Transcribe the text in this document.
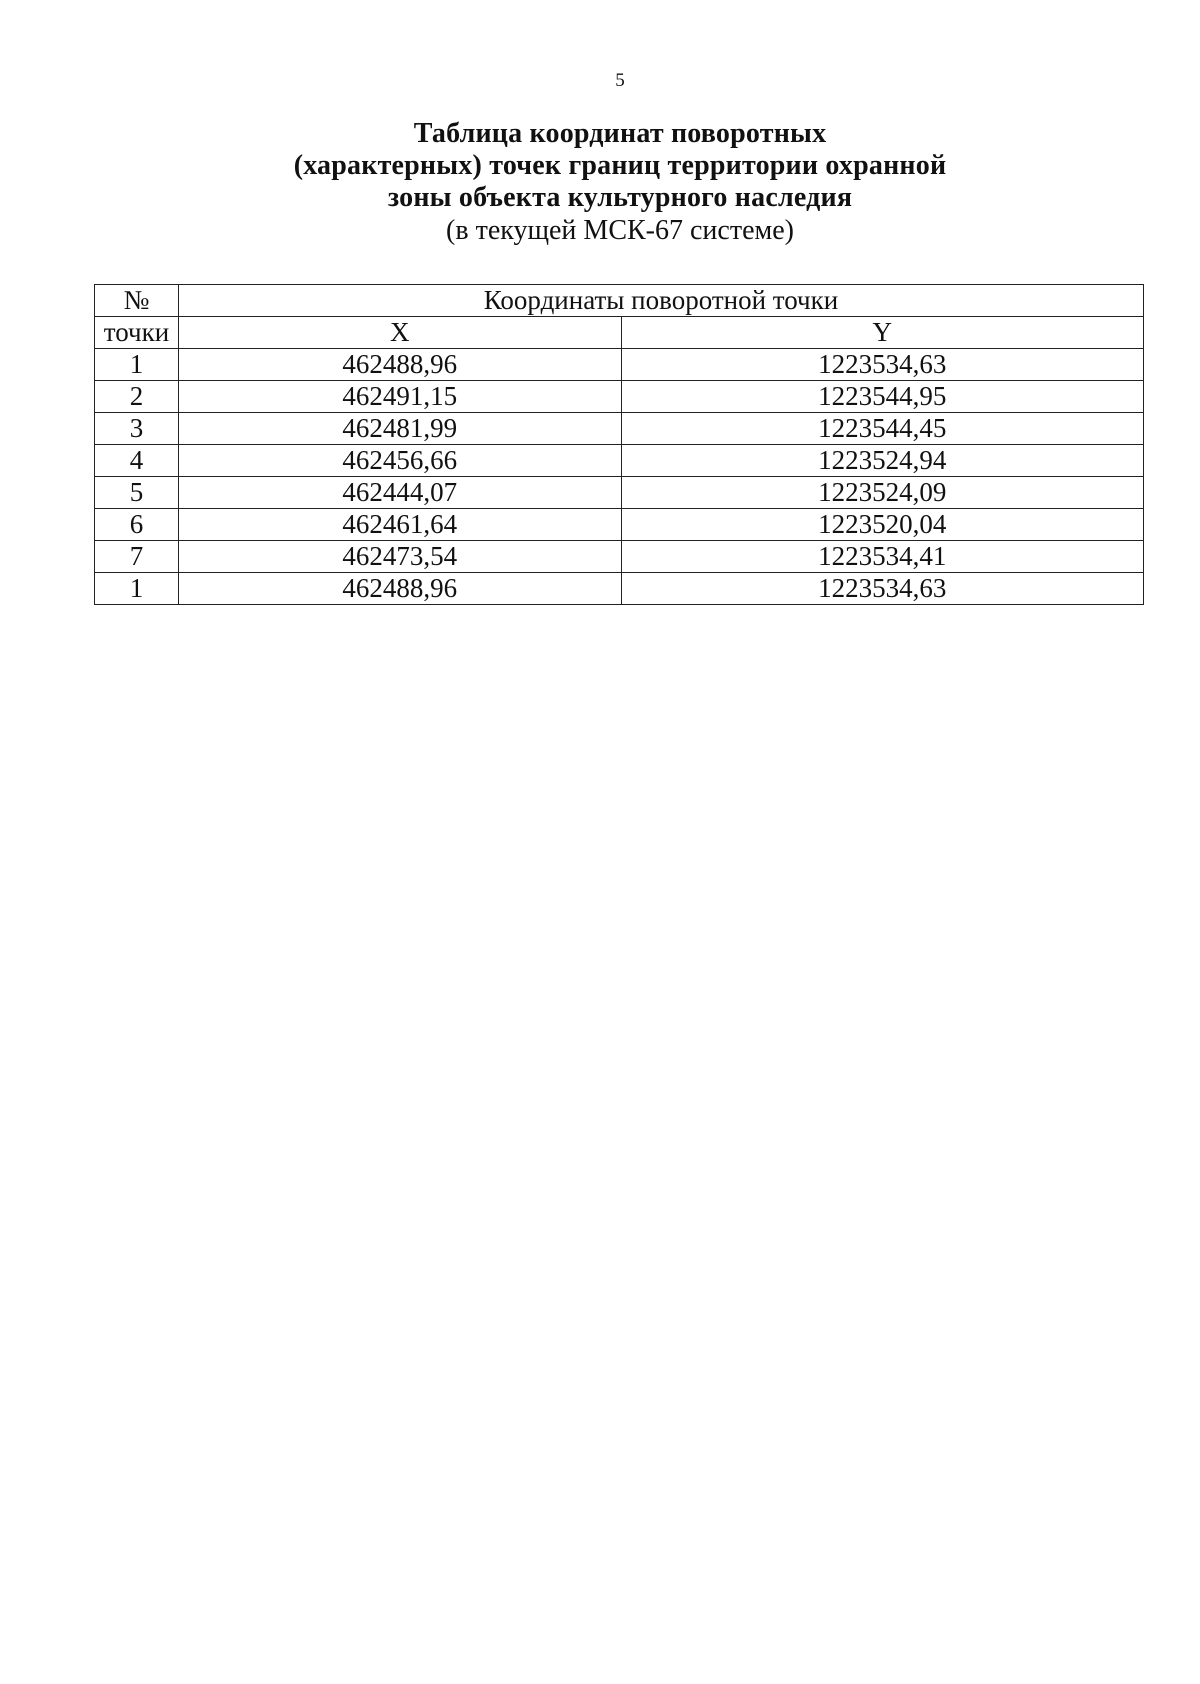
5
Таблица координат поворотных
(характерных) точек границ территории охранной
зоны объекта культурного наследия
(в текущей МСК-67 системе)
№	Координаты поворотной точки	
точки	X	Y
1	462488,96	1223534,63
2	462491,15	1223544,95
3	462481,99	1223544,45
4	462456,66	1223524,94
5	462444,07	1223524,09
6	462461,64	1223520,04
7	462473,54	1223534,41
1	462488,96	1223534,63
